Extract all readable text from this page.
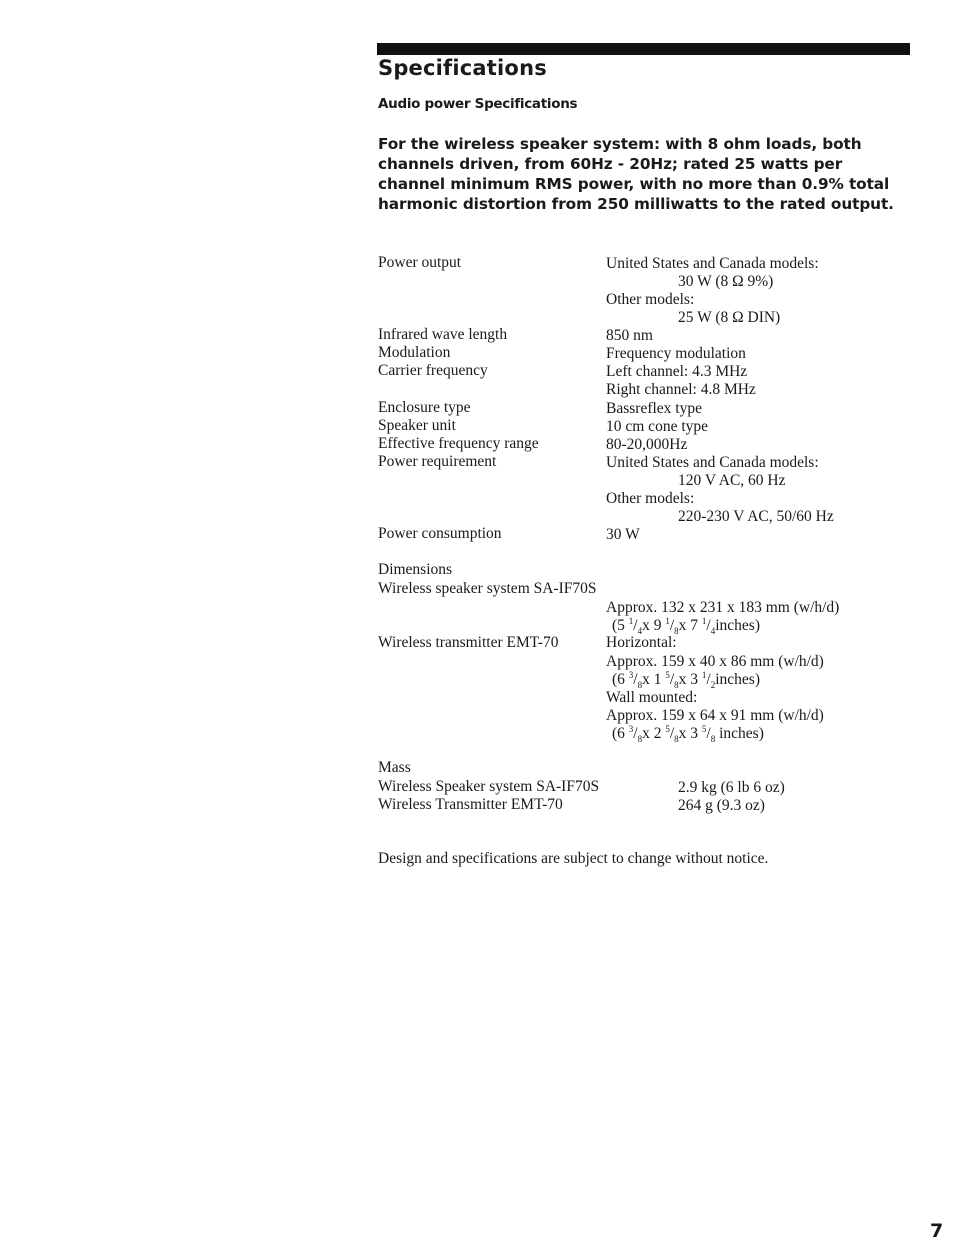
Specifications
Audio power Specifications
For the wireless speaker system: with 8 ohm loads, both channels driven, from 60Hz - 20Hz; rated 25 watts per channel minimum RMS power, with no more than 0.9% total harmonic distortion from 250 milliwatts to the rated output.
Power output	United States and Canada models:
30 W (8 Ω 9%)
Other models:
25 W (8 Ω DIN)
Infrared wave length	850 nm
Modulation	Frequency modulation
Carrier frequency	Left channel: 4.3 MHz
Right channel: 4.8 MHz
Enclosure type	Bassreflex type
Speaker unit	10 cm cone type
Effective frequency range	80-20,000Hz
Power requirement	United States and Canada models:
120 V AC, 60 Hz
Other models:
220-230 V AC, 50/60 Hz
Power consumption	30 W
Dimensions
Wireless speaker system SA-IF70S
Approx. 132 x 231 x 183 mm (w/h/d)
(5 $^1/_4x$ 9 $^1/_8x$ 7 $^1/_4inches$)
Wireless transmitter EMT-70	Horizontal:
Approx. 159 x 40 x 86 mm (w/h/d)
(6 $^3/_8x$ 1 $^5/_8x$ 3 $^1/_2inches$)
Wall mounted:
Approx. 159 x 64 x 91 mm (w/h/d)
(6 $^3/_8x$ 2 $^5/_8x$ 3 $^5/_8$ inches)
Mass
Wireless Speaker system SA-IF70S	2.9 kg (6 lb 6 oz)
Wireless Transmitter EMT-70	264 g (9.3 oz)
Design and specifications are subject to change without notice.
7
